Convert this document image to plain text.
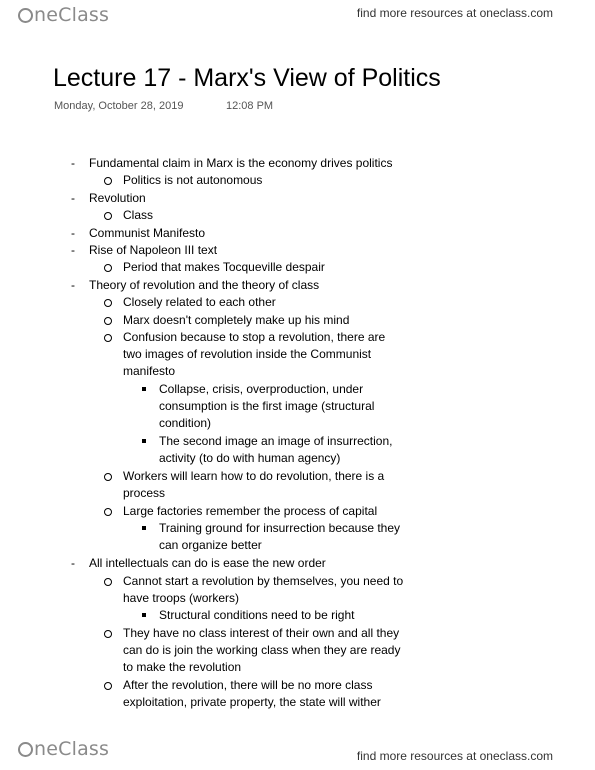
neClass	find more resources at oneclass.com
Lecture 17 - Marx's View of Politics
Monday, October 28, 2019	12:08 PM
- Fundamental claim in Marx is the economy drives politics
Politics is not autonomous
- Revolution
Class
- Communist Manifesto
- Rise of Napoleon III text
Period that makes Tocqueville despair
- Theory of revolution and the theory of class
Closely related to each other
Marx doesn't completely make up his mind
Confusion because to stop a revolution, there are
two images of revolution inside the Communist
manifesto
Collapse, crisis, overproduction, under
consumption is the first image (structural
condition)
The second image an image of insurrection,
activity (to do with human agency)
Workers will learn how to do revolution, there is a
process
Large factories remember the process of capital
Training ground for insurrection because they
can organize better
- All intellectuals can do is ease the new order
Cannot start a revolution by themselves, you need to
have troops (workers)
Structural conditions need to be right
They have no class interest of their own and all they
can do is join the working class when they are ready
to make the revolution
After the revolution, there will be no more class
exploitation, private property, the state will wither
neClass	find more resources at oneclass.com
